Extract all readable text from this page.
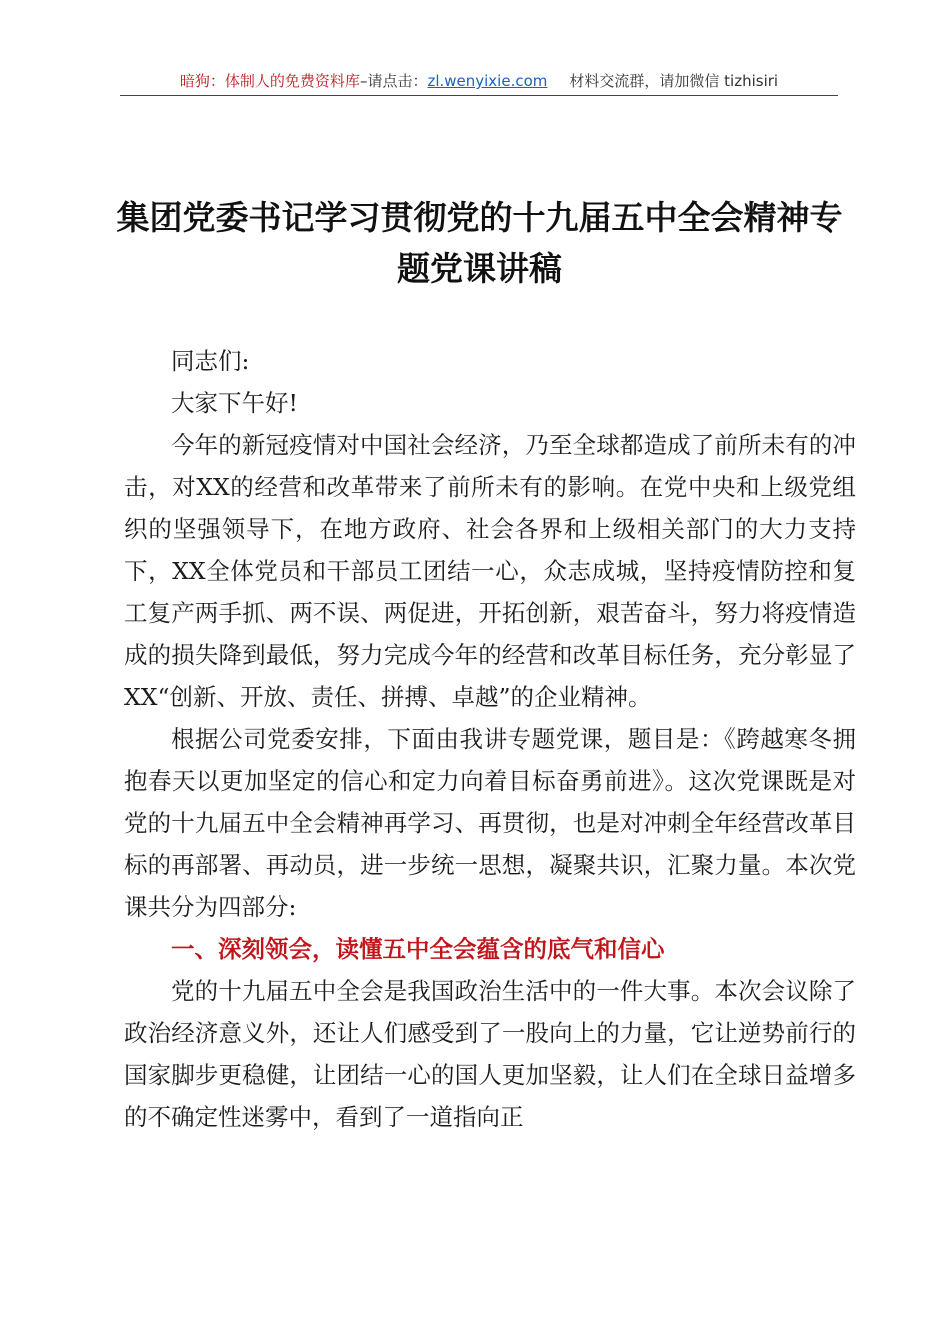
暗狗：体制人的免费资料库–请点击：zl.wenyixie.com 材料交流群，请加微信 tizhisiri
集团党委书记学习贯彻党的十九届五中全会精神专题党课讲稿

同志们:

大家下午好!

今年的新冠疫情对中国社会经济，乃至全球都造成了前所未有的冲击，对XX的经营和改革带来了前所未有的影响。在党中央和上级党组织的坚强领导下，在地方政府、社会各界和上级相关部门的大力支持下，XX全体党员和干部员工团结一心，众志成城，坚持疫情防控和复工复产两手抓、两不误、两促进，开拓创新，艰苦奋斗，努力将疫情造成的损失降到最低，努力完成今年的经营和改革目标任务，充分彰显了XX“创新、开放、责任、拼搏、卓越”的企业精神。

根据公司党委安排，下面由我讲专题党课，题目是：《跨越寒冬拥抱春天以更加坚定的信心和定力向着目标奋勇前进》。这次党课既是对党的十九届五中全会精神再学习、再贯彻，也是对冲刺全年经营改革目标的再部署、再动员，进一步统一思想，凝聚共识，汇聚力量。本次党课共分为四部分:

一、深刻领会，读懂五中全会蕴含的底气和信心

党的十九届五中全会是我国政治生活中的一件大事。本次会议除了政治经济意义外，还让人们感受到了一股向上的力量，它让逆势前行的国家脚步更稳健，让团结一心的国人更加坚毅，让人们在全球日益增多的不确定性迷雾中，看到了一道指向正
